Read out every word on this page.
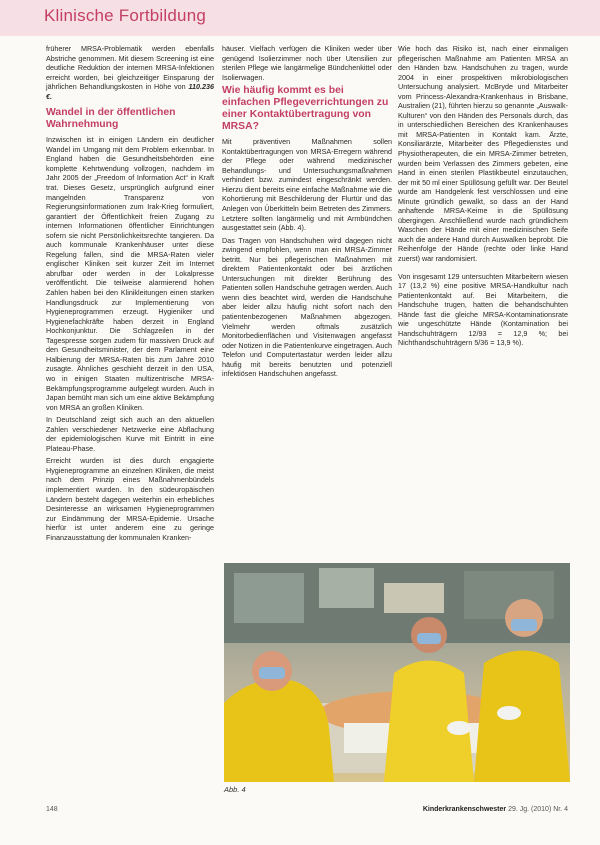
Klinische Fortbildung

früherer MRSA-Problematik werden ebenfalls Abstriche genommen. Mit diesem Screening ist eine deutliche Reduktion der internen MRSA-Infektionen erreicht worden, bei gleichzeitiger Einsparung der jährlichen Behandlungskosten in Höhe von 110.236 €.

Wandel in der öffentlichen Wahrnehmung

Inzwischen ist in einigen Ländern ein deutlicher Wandel im Umgang mit dem Problem erkennbar. In England haben die Gesundheitsbehörden eine komplette Kehrtwendung vollzogen, nachdem im Jahr 2005 der „Freedom of Information Act“ in Kraft trat. Dieses Gesetz, ursprünglich aufgrund einer mangelnden Transparenz von Regierungsinformationen zum Irak-Krieg formuliert, garantiert der Öffentlichkeit freien Zugang zu internen Informationen öffentlicher Einrichtungen sofern sie nicht Persönlichkeitsrechte tangieren. Da auch kommunale Krankenhäuser unter diese Regelung fallen, sind die MRSA-Raten vieler englischer Kliniken seit kurzer Zeit im Internet abrufbar oder werden in der Lokalpresse veröffentlicht. Die teilweise alarmierend hohen Zahlen haben bei den Klinikleitungen einen starken Handlungsdruck zur Implementierung von Hygieneprogrammen erzeugt. Hygieniker und Hygienefachkräfte haben derzeit in England Hochkonjunktur. Die Schlagzeilen in der Tagespresse sorgen zudem für massiven Druck auf den Gesundheitsminister, der dem Parlament eine Halbierung der MRSA-Raten bis zum Jahre 2010 zusagte. Ähnliches geschieht derzeit in den USA, wo in einigen Staaten multizentrische MRSA-Bekämpfungsprogramme aufgelegt wurden. Auch in Japan bemüht man sich um eine aktive Bekämpfung von MRSA an großen Kliniken.

In Deutschland zeigt sich auch an den aktuellen Zahlen verschiedener Netzwerke eine Abflachung der epidemiologischen Kurve mit Eintritt in eine Plateau-Phase.

Erreicht wurden ist dies durch engagierte Hygieneprogramme an einzelnen Kliniken, die meist nach dem Prinzip eines Maßnahmenbündels implementiert wurden. In den südeuropäischen Ländern besteht dagegen weiterhin ein erhebliches Desinteresse an wirksamen Hygieneprogrammen zur Eindämmung der MRSA-Epidemie. Ursache hierfür ist unter anderem eine zu geringe Finanzausstattung der kommunalen Kranken-

häuser. Vielfach verfügen die Kliniken weder über genügend Isolierzimmer noch über Utensilien zur sterilen Pflege wie langärmelige Bündchenkittel oder Isolierwagen.

Wie häufig kommt es bei einfachen Pflegeverrichtungen zu einer Kontaktübertragung von MRSA?

Mit präventiven Maßnahmen sollen Kontaktübertragungen von MRSA-Erregern während der Pflege oder während medizinischer Behandlungs- und Untersuchungsmaßnahmen verhindert bzw. zumindest eingeschränkt werden. Hierzu dient bereits eine einfache Maßnahme wie die Kohortierung mit Beschilderung der Flurtür und das Anlegen von Überkitteln beim Betreten des Zimmers. Letztere sollten langärmelig und mit Armbündchen ausgestattet sein (Abb. 4).

Das Tragen von Handschuhen wird dagegen nicht zwingend empfohlen, wenn man ein MRSA-Zimmer betritt. Nur bei pflegerischen Maßnahmen mit direktem Patientenkontakt oder bei ärztlichen Untersuchungen mit direkter Berührung des Patienten sollen Handschuhe getragen werden. Auch wenn dies beachtet wird, werden die Handschuhe aber leider allzu häufig nicht sofort nach den patientenbezogenen Maßnahmen abgezogen. Vielmehr werden oftmals zusätzlich Monitorbedienflächen und Visitenwagen angefasst oder Notizen in die Patientenkurve eingetragen. Auch Telefon und Computertastatur werden leider allzu häufig mit bereits benutzten und potenziell infektiösen Handschuhen angefasst.

Wie hoch das Risiko ist, nach einer einmaligen pflegerischen Maßnahme am Patienten MRSA an den Händen bzw. Handschuhen zu tragen, wurde 2004 in einer prospektiven mikrobiologischen Untersuchung analysiert. McBryde und Mitarbeiter vom Princess-Alexandra-Krankenhaus in Brisbane, Australien (21), führten hierzu so genannte „Auswalk-Kulturen“ von den Händen des Personals durch, das in unterschiedlichen Bereichen des Krankenhauses mit MRSA-Patienten in Kontakt kam. Ärzte, Konsiliarärzte, Mitarbeiter des Pflegedienstes und Physiotherapeuten, die ein MRSA-Zimmer betreten, wurden beim Verlassen des Zimmers gebeten, eine Hand in einen sterilen Plastikbeutel einzutauchen, der mit 50 ml einer Spüllösung gefüllt war. Der Beutel wurde am Handgelenk fest verschlossen und eine Minute gründlich gewalkt, so dass an der Hand anhaftende MRSA-Keime in die Spüllösung übergingen. Anschließend wurde nach gründlichem Waschen der Hände mit einer medizinischen Seife auch die andere Hand durch Auswalken beprobt. Die Reihenfolge der Hände (rechte oder linke Hand zuerst) war randomisiert.

Von insgesamt 129 untersuchten Mitarbeitern wiesen 17 (13,2 %) eine positive MRSA-Handkultur nach Patientenkontakt auf. Bei Mitarbeitern, die Handschuhe trugen, hatten die behandschuhten Hände fast die gleiche MRSA-Kontaminationsrate wie ungeschützte Hände (Kontamination bei Handschuhträgern 12/93 = 12,9 %; bei Nichthandschuhträgern 5/36 = 13,9 %).

Abb. 4
148	Kinderkrankenschwester 29. Jg. (2010) Nr. 4
